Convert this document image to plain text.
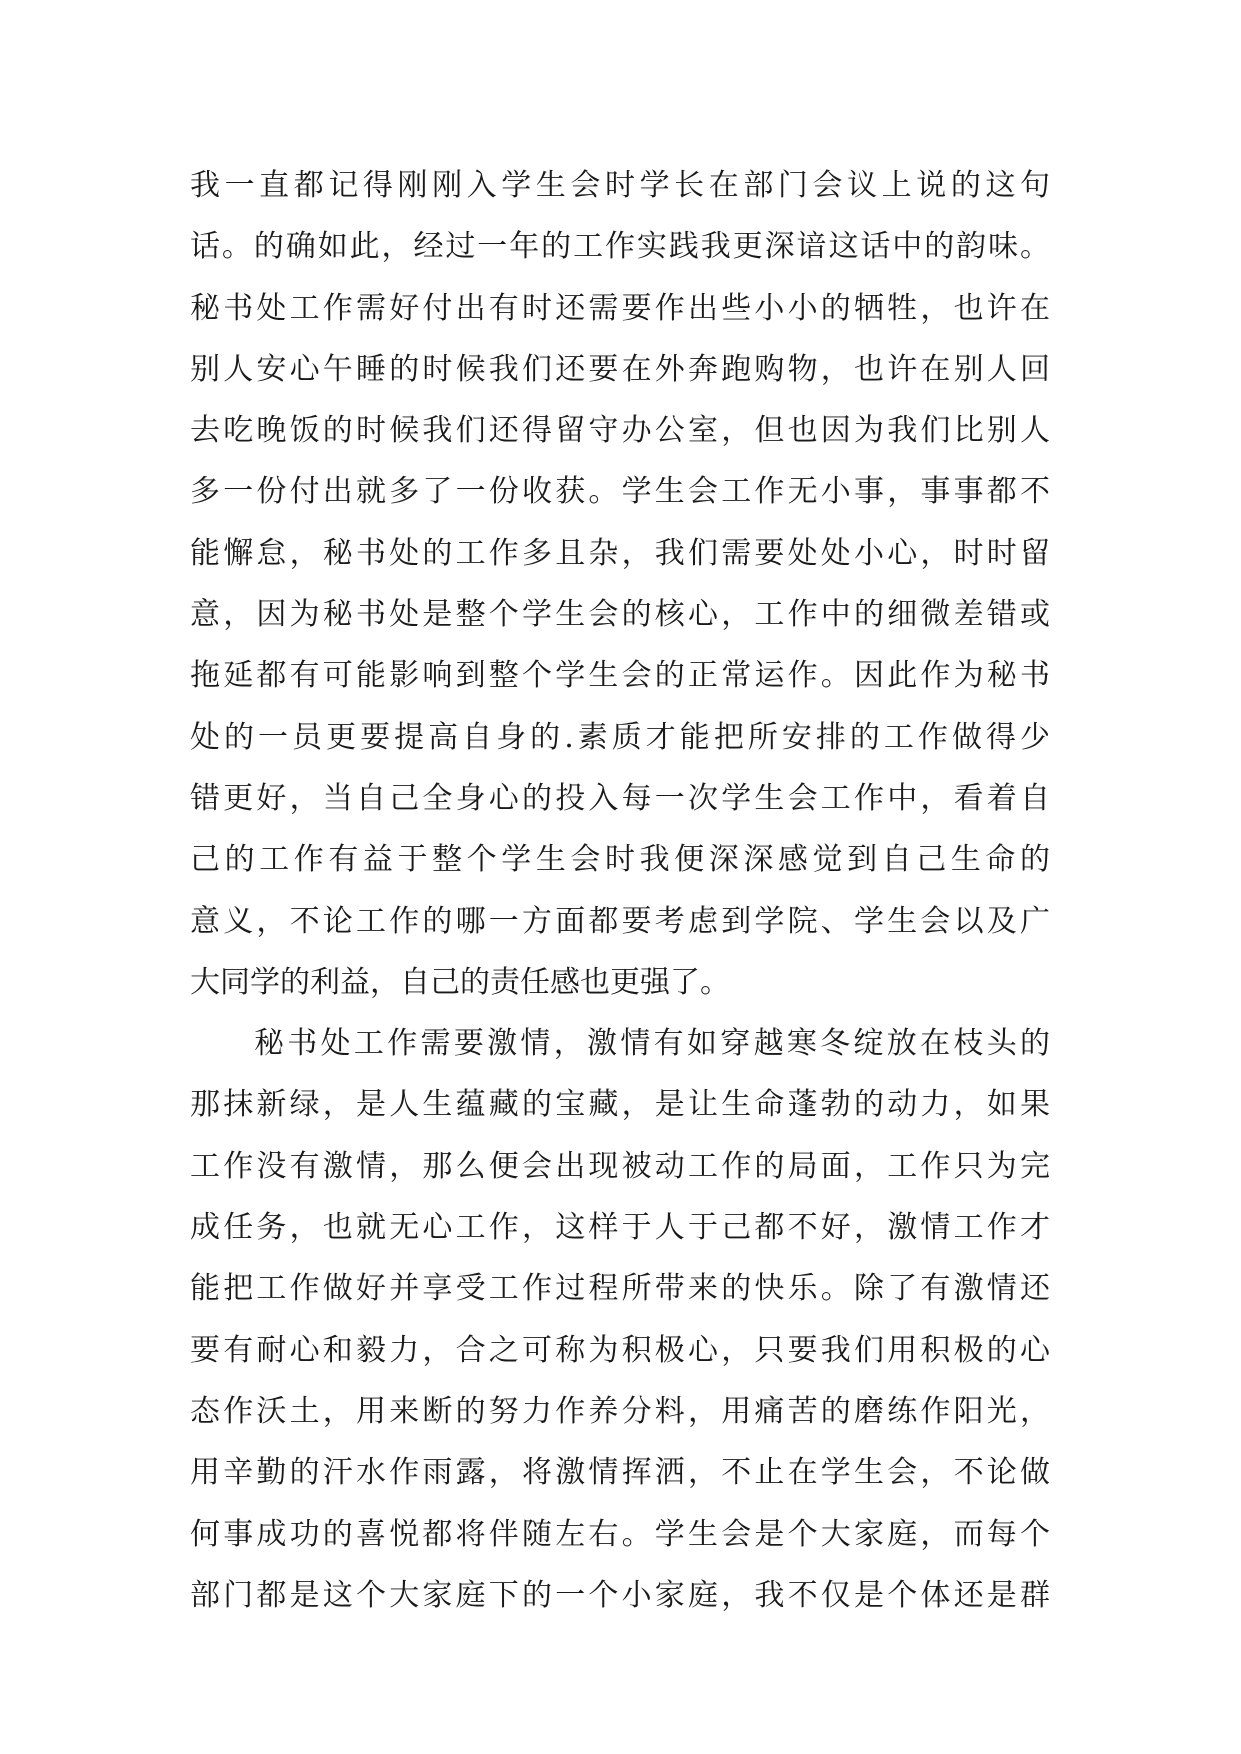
我一直都记得刚刚入学生会时学长在部门会议上说的这句
话。的确如此，经过一年的工作实践我更深谙这话中的韵味。
秘书处工作需好付出有时还需要作出些小小的牺牲，也许在
别人安心午睡的时候我们还要在外奔跑购物，也许在别人回
去吃晚饭的时候我们还得留守办公室，但也因为我们比别人
多一份付出就多了一份收获。学生会工作无小事，事事都不
能懈怠，秘书处的工作多且杂，我们需要处处小心，时时留
意，因为秘书处是整个学生会的核心，工作中的细微差错或
拖延都有可能影响到整个学生会的正常运作。因此作为秘书
处的一员更要提高自身的.素质才能把所安排的工作做得少
错更好，当自己全身心的投入每一次学生会工作中，看着自
己的工作有益于整个学生会时我便深深感觉到自己生命的
意义，不论工作的哪一方面都要考虑到学院、学生会以及广
大同学的利益，自己的责任感也更强了。
秘书处工作需要激情，激情有如穿越寒冬绽放在枝头的
那抹新绿，是人生蕴藏的宝藏，是让生命蓬勃的动力，如果
工作没有激情，那么便会出现被动工作的局面，工作只为完
成任务，也就无心工作，这样于人于己都不好，激情工作才
能把工作做好并享受工作过程所带来的快乐。除了有激情还
要有耐心和毅力，合之可称为积极心，只要我们用积极的心
态作沃土，用来断的努力作养分料，用痛苦的磨练作阳光，
用辛勤的汗水作雨露，将激情挥洒，不止在学生会，不论做
何事成功的喜悦都将伴随左右。学生会是个大家庭，而每个
部门都是这个大家庭下的一个小家庭，我不仅是个体还是群
